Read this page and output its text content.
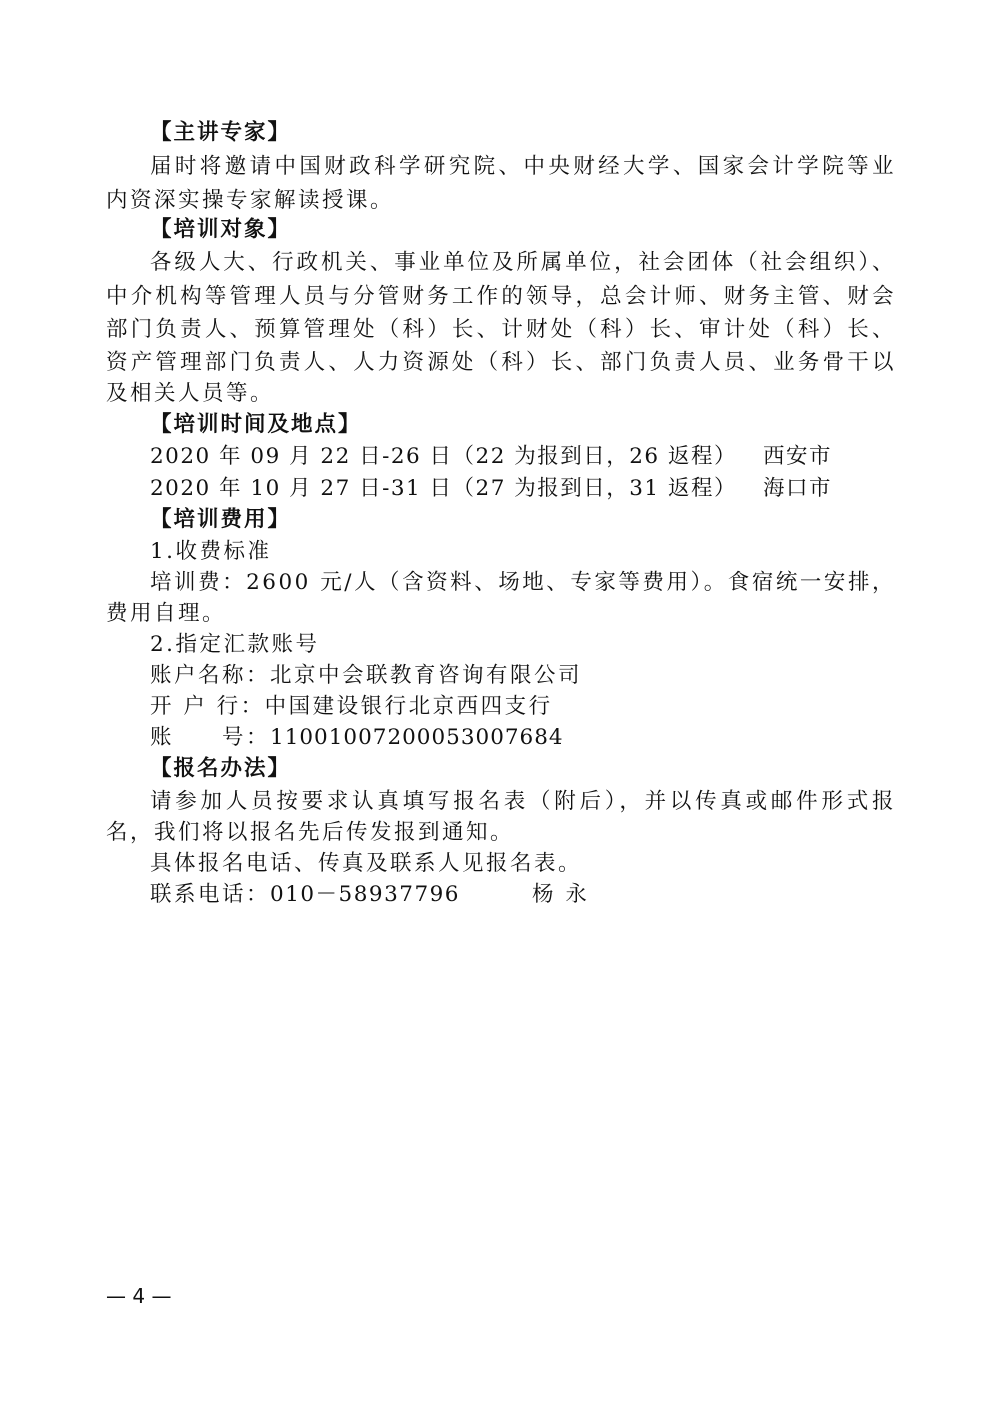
【主讲专家】
届时将邀请中国财政科学研究院、中央财经大学、国家会计学院等业
内资深实操专家解读授课。
【培训对象】
各级人大、行政机关、事业单位及所属单位，社会团体（社会组织）、
中介机构等管理人员与分管财务工作的领导，总会计师、财务主管、财会
部门负责人、预算管理处（科）长、计财处（科）长、审计处（科）长、
资产管理部门负责人、人力资源处（科）长、部门负责人员、业务骨干以
及相关人员等。
【培训时间及地点】
2020 年 09 月 22 日-26 日（22 为报到日，26 返程） 西安市
2020 年 10 月 27 日-31 日（27 为报到日，31 返程） 海口市
【培训费用】
1.收费标准
培训费：2600 元/人（含资料、场地、专家等费用）。食宿统一安排，
费用自理。
2.指定汇款账号
账户名称：北京中会联教育咨询有限公司
开 户 行：中国建设银行北京西四支行
账　　号：11001007200053007684
【报名办法】
请参加人员按要求认真填写报名表（附后），并以传真或邮件形式报
名，我们将以报名先后传发报到通知。
具体报名电话、传真及联系人见报名表。
联系电话：010－58937796	杨 永
— 4 —
